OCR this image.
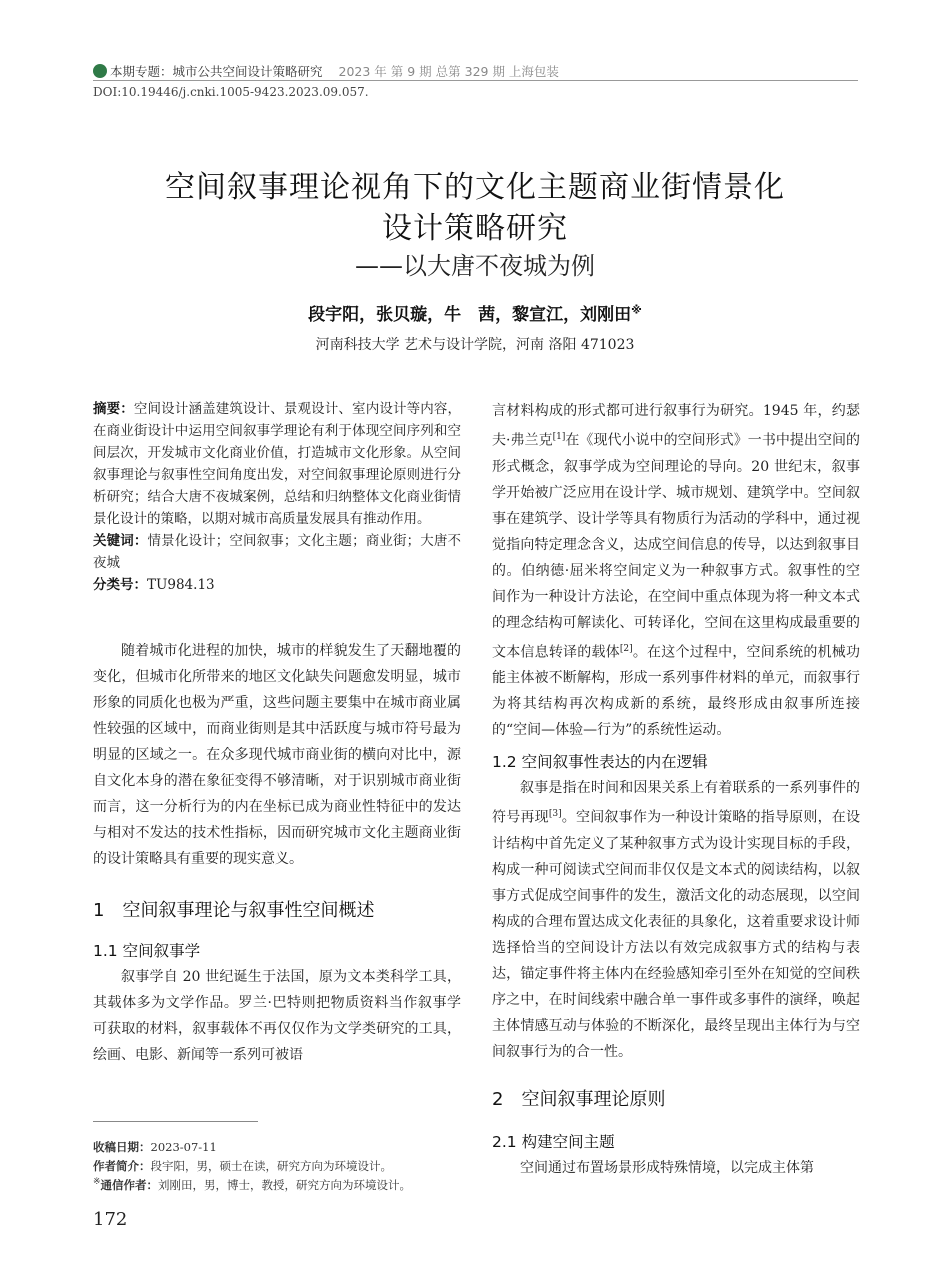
本期专题：城市公共空间设计策略研究 2023 年 第 9 期 总第 329 期 上海包装
DOI:10.19446/j.cnki.1005-9423.2023.09.057.
空间叙事理论视角下的文化主题商业街情景化
设计策略研究
——以大唐不夜城为例
段宇阳，张贝璇，牛　茜，黎宣江，刘刚田※
河南科技大学 艺术与设计学院，河南 洛阳 471023

摘要：空间设计涵盖建筑设计、景观设计、室内设计等内容，在商业街设计中运用空间叙事学理论有利于体现空间序列和空间层次，开发城市文化商业价值，打造城市文化形象。从空间叙事理论与叙事性空间角度出发，对空间叙事理论原则进行分析研究；结合大唐不夜城案例，总结和归纳整体文化商业街情景化设计的策略，以期对城市高质量发展具有推动作用。

关键词：情景化设计；空间叙事；文化主题；商业街；大唐不夜城

分类号：TU984.13

随着城市化进程的加快，城市的样貌发生了天翻地覆的变化，但城市化所带来的地区文化缺失问题愈发明显，城市形象的同质化也极为严重，这些问题主要集中在城市商业属性较强的区域中，而商业街则是其中活跃度与城市符号最为明显的区域之一。在众多现代城市商业街的横向对比中，源自文化本身的潜在象征变得不够清晰，对于识别城市商业街而言，这一分析行为的内在坐标已成为商业性特征中的发达与相对不发达的技术性指标，因而研究城市文化主题商业街的设计策略具有重要的现实意义。

1　空间叙事理论与叙事性空间概述

1.1 空间叙事学

叙事学自 20 世纪诞生于法国，原为文本类科学工具，其载体多为文学作品。罗兰·巴特则把物质资料当作叙事学可获取的材料，叙事载体不再仅仅作为文学类研究的工具，绘画、电影、新闻等一系列可被语

言材料构成的形式都可进行叙事行为研究。1945 年，约瑟夫·弗兰克[1]在《现代小说中的空间形式》一书中提出空间的形式概念，叙事学成为空间理论的导向。20 世纪末，叙事学开始被广泛应用在设计学、城市规划、建筑学中。空间叙事在建筑学、设计学等具有物质行为活动的学科中，通过视觉指向特定理念含义，达成空间信息的传导，以达到叙事目的。伯纳德·屈米将空间定义为一种叙事方式。叙事性的空间作为一种设计方法论，在空间中重点体现为将一种文本式的理念结构可解读化、可转译化，空间在这里构成最重要的文本信息转译的载体[2]。在这个过程中，空间系统的机械功能主体被不断解构，形成一系列事件材料的单元，而叙事行为将其结构再次构成新的系统，最终形成由叙事所连接的“空间—体验—行为”的系统性运动。

1.2 空间叙事性表达的内在逻辑

叙事是指在时间和因果关系上有着联系的一系列事件的符号再现[3]。空间叙事作为一种设计策略的指导原则，在设计结构中首先定义了某种叙事方式为设计实现目标的手段，构成一种可阅读式空间而非仅仅是文本式的阅读结构，以叙事方式促成空间事件的发生，激活文化的动态展现，以空间构成的合理布置达成文化表征的具象化，这着重要求设计师选择恰当的空间设计方法以有效完成叙事方式的结构与表达，锚定事件将主体内在经验感知牵引至外在知觉的空间秩序之中，在时间线索中融合单一事件或多事件的演绎，唤起主体情感互动与体验的不断深化，最终呈现出主体行为与空间叙事行为的合一性。

2　空间叙事理论原则

2.1 构建空间主题

空间通过布置场景形成特殊情境，以完成主体第

收稿日期：2023-07-11
作者简介：段宇阳，男，硕士在读，研究方向为环境设计。
※通信作者：刘刚田，男，博士，教授，研究方向为环境设计。
172
